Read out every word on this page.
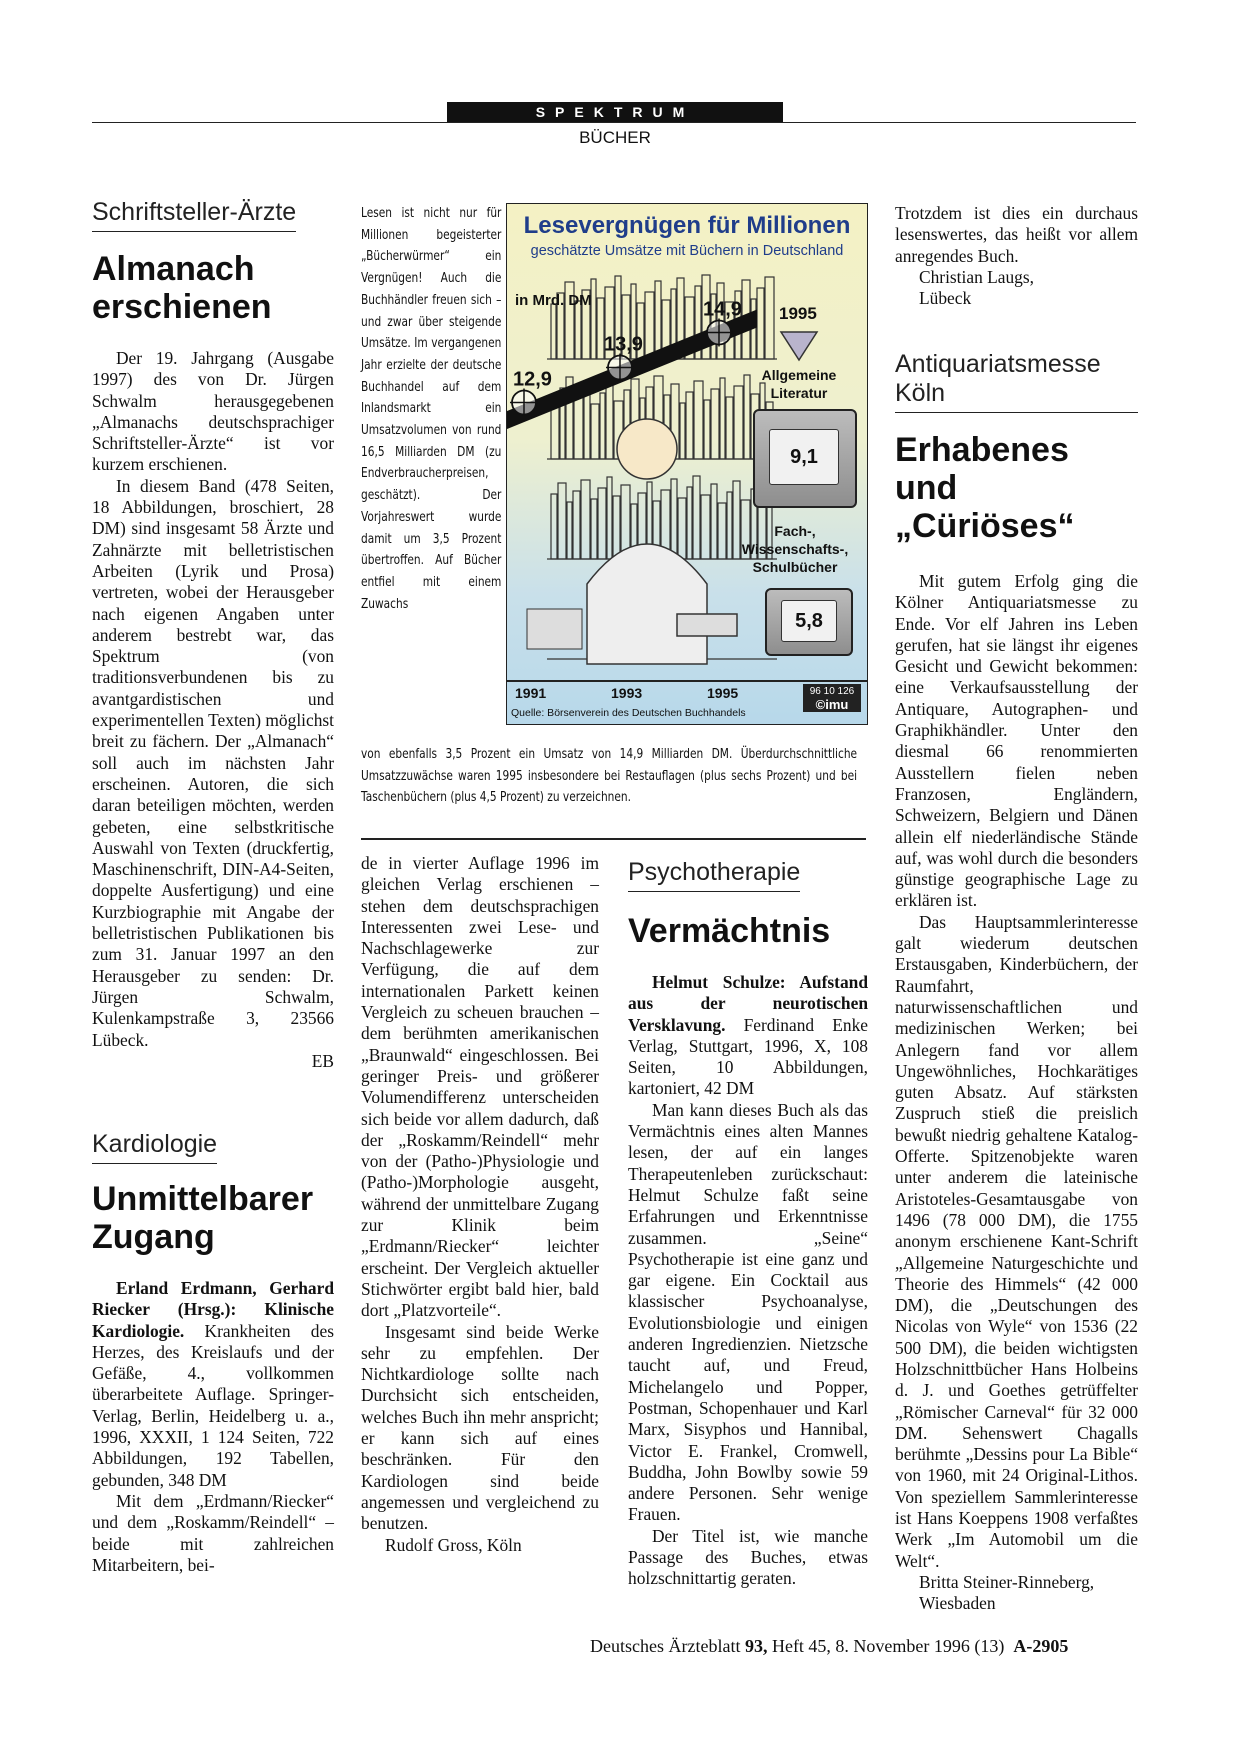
SPEKTRUM
BÜCHER
Schriftsteller-Ärzte
Almanach
erschienen

Der 19. Jahrgang (Ausgabe 1997) des von Dr. Jürgen Schwalm herausgegebenen „Almanachs deutschsprachiger Schriftsteller-Ärzte“ ist vor kurzem erschienen.

In diesem Band (478 Seiten, 18 Abbildungen, broschiert, 28 DM) sind insgesamt 58 Ärzte und Zahnärzte mit belletristischen Arbeiten (Lyrik und Prosa) vertreten, wobei der Herausgeber nach eigenen Angaben unter anderem bestrebt war, das Spektrum (von traditionsverbundenen bis zu avantgardistischen und experimentellen Texten) möglichst breit zu fächern. Der „Almanach“ soll auch im nächsten Jahr erscheinen. Autoren, die sich daran beteiligen möchten, werden gebeten, eine selbstkritische Auswahl von Texten (druckfertig, Maschinenschrift, DIN-A4-Seiten, doppelte Ausfertigung) und eine Kurzbiographie mit Angabe der belletristischen Publikationen bis zum 31. Januar 1997 an den Herausgeber zu senden: Dr. Jürgen Schwalm, Kulenkampstraße 3, 23566 Lübeck.

EB
Kardiologie
Unmittelbarer
Zugang

Erland Erdmann, Gerhard Riecker (Hrsg.): Klinische Kardiologie. Krankheiten des Herzes, des Kreislaufs und der Gefäße, 4., vollkommen überarbeitete Auflage. Springer-Verlag, Berlin, Heidelberg u. a., 1996, XXXII, 1 124 Seiten, 722 Abbildungen, 192 Tabellen, gebunden, 348 DM

Mit dem „Erdmann/Riecker“ und dem „Roskamm/Reindell“ – beide mit zahlreichen Mitarbeitern, bei-

Lesen ist nicht nur für Millionen begeisterter „Bücherwürmer“ ein Vergnügen! Auch die Buchhändler freuen sich – und zwar über steigende Umsätze. Im vergangenen Jahr erzielte der deutsche Buchhandel auf dem Inlandsmarkt ein Umsatzvolumen von rund 16,5 Milliarden DM (zu Endverbraucherpreisen, geschätzt). Der Vorjahreswert wurde damit um 3,5 Prozent übertroffen. Auf Bücher entfiel mit einem Zuwachs
von ebenfalls 3,5 Prozent ein Umsatz von 14,9 Milliarden DM. Überdurchschnittliche Umsatzzuwächse waren 1995 insbesondere bei Restauflagen (plus sechs Prozent) und bei Taschenbüchern (plus 4,5 Prozent) zu verzeichnen.
Lesevergnügen für Millionen
geschätzte Umsätze mit Büchern in Deutschland
12,9
13,9
14,9
in Mrd. DM
1995
Allgemeine
Literatur
9,1
Fach-,
Wissenschafts-,
Schulbücher
5,8
1991	1993	1995
Quelle: Börsenverein des Deutschen Buchhandels
96 10 126
©imu

de in vierter Auflage 1996 im gleichen Verlag erschienen – stehen dem deutschsprachigen Interessenten zwei Lese- und Nachschlagewerke zur Verfügung, die auf dem internationalen Parkett keinen Vergleich zu scheuen brauchen – dem berühmten amerikanischen „Braunwald“ eingeschlossen. Bei geringer Preis- und größerer Volumendifferenz unterscheiden sich beide vor allem dadurch, daß der „Roskamm/Reindell“ mehr von der (Patho-)Physiologie und (Patho-)Morphologie ausgeht, während der unmittelbare Zugang zur Klinik beim „Erdmann/Riecker“ leichter erscheint. Der Vergleich aktueller Stichwörter ergibt bald hier, bald dort „Platzvorteile“.

Insgesamt sind beide Werke sehr zu empfehlen. Der Nichtkardiologe sollte nach Durchsicht sich entscheiden, welches Buch ihn mehr anspricht; er kann sich auf eines beschränken. Für den Kardiologen sind beide angemessen und vergleichend zu benutzen.

Rudolf Gross, Köln

Psychotherapie
Vermächtnis

Helmut Schulze: Aufstand aus der neurotischen Versklavung. Ferdinand Enke Verlag, Stuttgart, 1996, X, 108 Seiten, 10 Abbildungen, kartoniert, 42 DM

Man kann dieses Buch als das Vermächtnis eines alten Mannes lesen, der auf ein langes Therapeutenleben zurückschaut: Helmut Schulze faßt seine Erfahrungen und Erkenntnisse zusammen. „Seine“ Psychotherapie ist eine ganz und gar eigene. Ein Cocktail aus klassischer Psychoanalyse, Evolutionsbiologie und einigen anderen Ingredienzien. Nietzsche taucht auf, und Freud, Michelangelo und Popper, Postman, Schopenhauer und Karl Marx, Sisyphos und Hannibal, Victor E. Frankel, Cromwell, Buddha, John Bowlby sowie 59 andere Personen. Sehr wenige Frauen.

Der Titel ist, wie manche Passage des Buches, etwas holzschnittartig geraten.

Trotzdem ist dies ein durchaus lesenswertes, das heißt vor allem anregendes Buch.

Christian Laugs,

Lübeck

Antiquariatsmesse Köln
Erhabenes
und „Cüriöses“

Mit gutem Erfolg ging die Kölner Antiquariatsmesse zu Ende. Vor elf Jahren ins Leben gerufen, hat sie längst ihr eigenes Gesicht und Gewicht bekommen: eine Verkaufsausstellung der Antiquare, Autographen- und Graphikhändler. Unter den diesmal 66 renommierten Ausstellern fielen neben Franzosen, Engländern, Schweizern, Belgiern und Dänen allein elf niederländische Stände auf, was wohl durch die besonders günstige geographische Lage zu erklären ist.

Das Hauptsammlerinteresse galt wiederum deutschen Erstausgaben, Kinderbüchern, der Raumfahrt, naturwissenschaftlichen und medizinischen Werken; bei Anlegern fand vor allem Ungewöhnliches, Hochkarätiges guten Absatz. Auf stärksten Zuspruch stieß die preislich bewußt niedrig gehaltene Katalog-Offerte. Spitzenobjekte waren unter anderem die lateinische Aristoteles-Gesamtausgabe von 1496 (78 000 DM), die 1755 anonym erschienene Kant-Schrift „Allgemeine Naturgeschichte und Theorie des Himmels“ (42 000 DM), die „Deutschungen des Nicolas von Wyle“ von 1536 (22 500 DM), die beiden wichtigsten Holzschnittbücher Hans Holbeins d. J. und Goethes getrüffelter „Römischer Carneval“ für 32 000 DM. Sehenswert Chagalls berühmte „Dessins pour La Bible“ von 1960, mit 24 Original-Lithos. Von speziellem Sammlerinteresse ist Hans Koeppens 1908 verfaßtes Werk „Im Automobil um die Welt“.

Britta Steiner-Rinneberg,

Wiesbaden

Deutsches Ärzteblatt 93, Heft 45, 8. November 1996 (13) A-2905
